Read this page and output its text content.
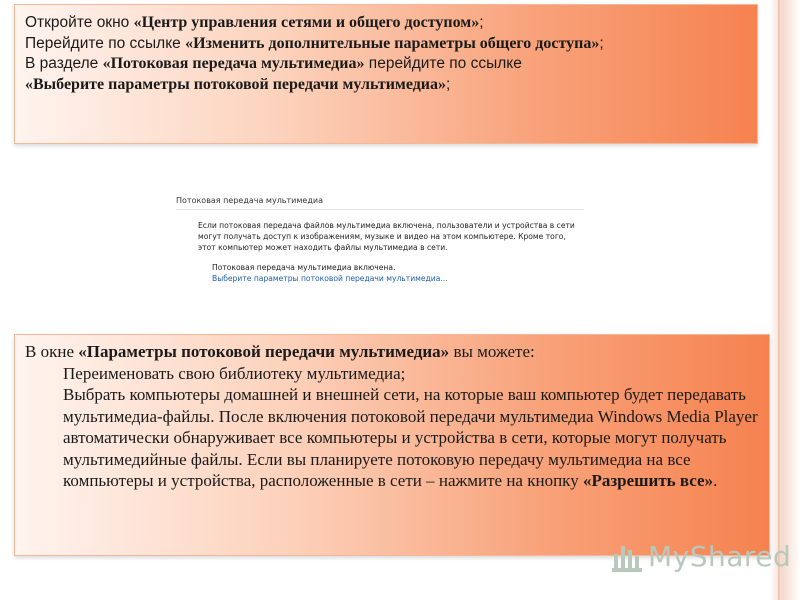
Откройте окно «Центр управления сетями и общего доступом»;

Перейдите по ссылке «Изменить дополнительные параметры общего доступа»;

В разделе «Потоковая передача мультимедиа» перейдите по ссылке

«Выберите параметры потоковой передачи мультимедиа»;

Потоковая передача мультимедиа
Если потоковая передача файлов мультимедиа включена, пользователи и устройства в сети
могут получать доступ к изображениям, музыке и видео на этом компьютере. Кроме того,
этот компьютер может находить файлы мультимедиа в сети.
Потоковая передача мультимедиа включена.
Выберите параметры потоковой передачи мультимедиа...

В окне «Параметры потоковой передачи мультимедиа» вы можете:

Переименовать свою библиотеку мультимедиа;
Выбрать компьютеры домашней и внешней сети, на которые ваш компьютер будет передавать мультимедиа-файлы. После включения потоковой передачи мультимедиа Windows Media Player автоматически обнаруживает все компьютеры и устройства в сети, которые могут получать мультимедийные файлы. Если вы планируете потоковую передачу мультимедиа на все компьютеры и устройства, расположенные в сети – нажмите на кнопку «Разрешить все».
MyShared
